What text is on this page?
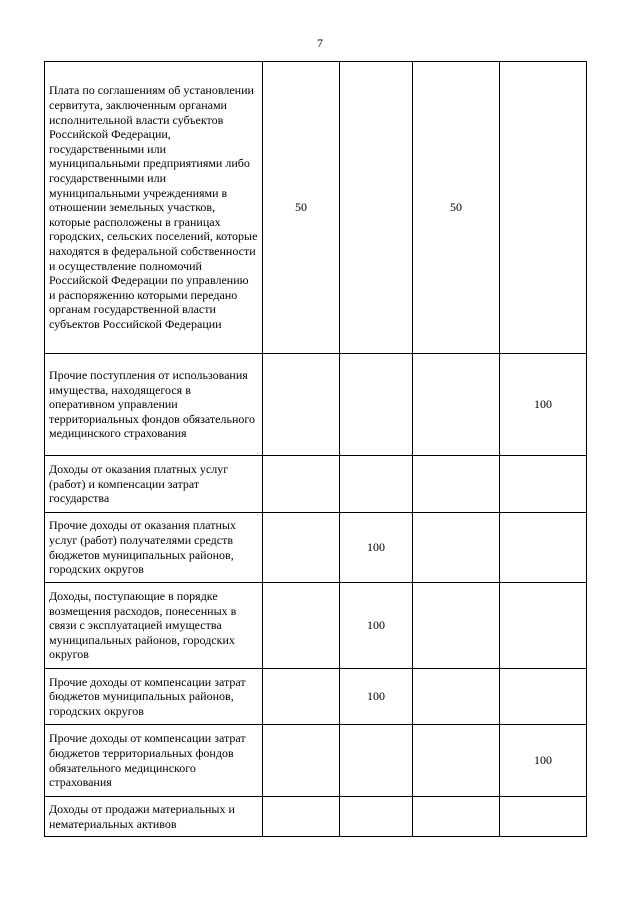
7
Плата по соглашениям об установлении сервитута, заключенным органами исполнительной власти субъектов Российской Федерации, государственными или муниципальными предприятиями либо государственными или муниципальными учреждениями в отношении земельных участков, которые расположены в границах городских, сельских поселений, которые находятся в федеральной собственности и осуществление полномочий Российской Федерации по управлению и распоряжению которыми передано органам государственной власти субъектов Российской Федерации	50		50	
Прочие поступления от использования имущества, находящегося в оперативном управлении территориальных фондов обязательного медицинского страхования				100
Доходы от оказания платных услуг (работ) и компенсации затрат государства				
Прочие доходы от оказания платных услуг (работ) получателями средств бюджетов муниципальных районов, городских округов		100		
Доходы, поступающие в порядке возмещения расходов, понесенных в связи с эксплуатацией имущества муниципальных районов, городских округов		100		
Прочие доходы от компенсации затрат бюджетов муниципальных районов, городских округов		100		
Прочие доходы от компенсации затрат бюджетов территориальных фондов обязательного медицинского страхования				100
Доходы от продажи материальных и нематериальных активов				
